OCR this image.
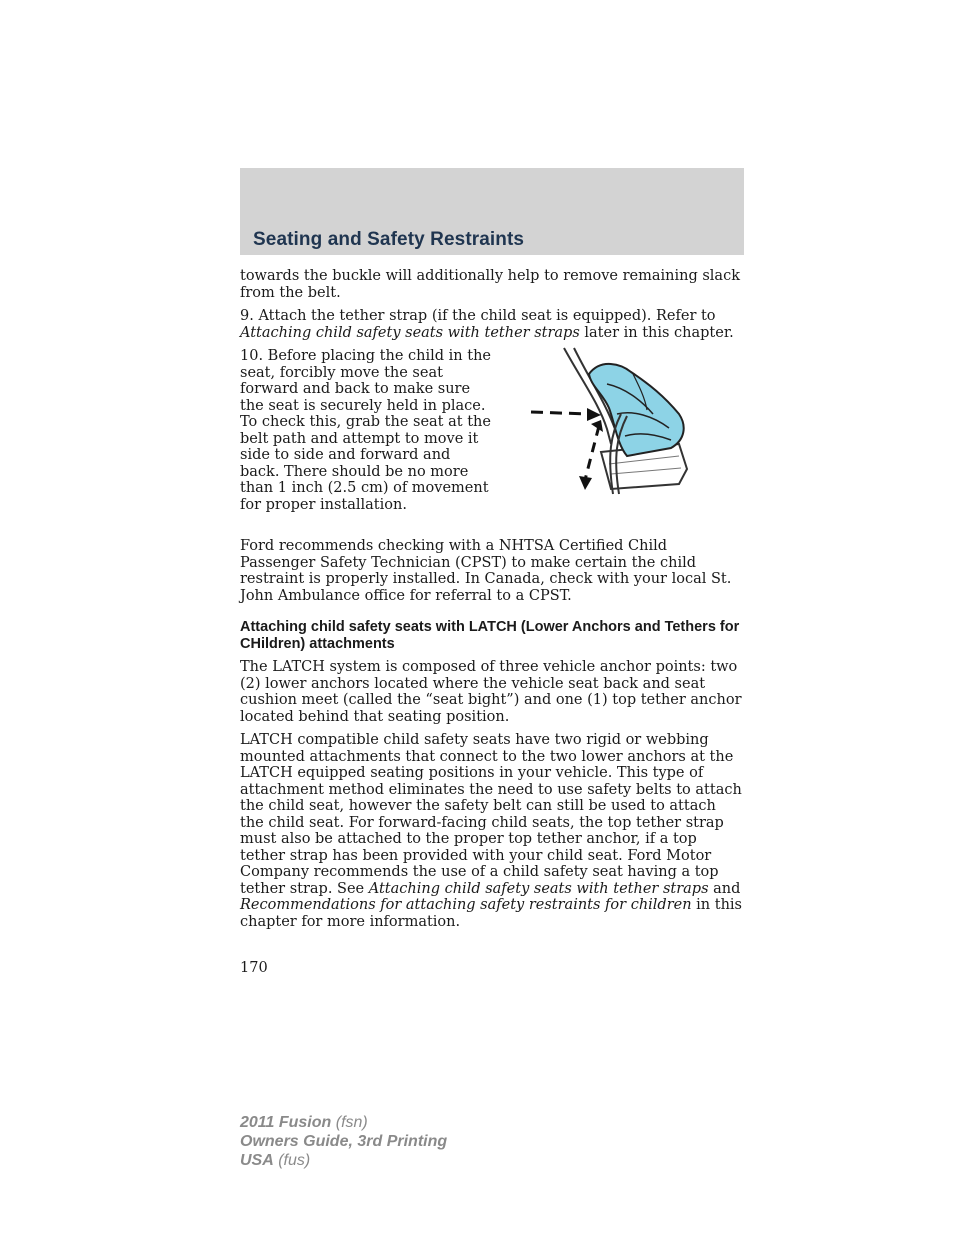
Seating and Safety Restraints

towards the buckle will additionally help to remove remaining slack from the belt.

9. Attach the tether strap (if the child seat is equipped). Refer to Attaching child safety seats with tether straps later in this chapter.

10. Before placing the child in the seat, forcibly move the seat forward and back to make sure the seat is securely held in place. To check this, grab the seat at the belt path and attempt to move it side to side and forward and back. There should be no more than 1 inch (2.5 cm) of movement for proper installation.

Ford recommends checking with a NHTSA Certified Child Passenger Safety Technician (CPST) to make certain the child restraint is properly installed. In Canada, check with your local St. John Ambulance office for referral to a CPST.

Attaching child safety seats with LATCH (Lower Anchors and Tethers for CHildren) attachments

The LATCH system is composed of three vehicle anchor points: two (2) lower anchors located where the vehicle seat back and seat cushion meet (called the “seat bight”) and one (1) top tether anchor located behind that seating position.

LATCH compatible child safety seats have two rigid or webbing mounted attachments that connect to the two lower anchors at the LATCH equipped seating positions in your vehicle. This type of attachment method eliminates the need to use safety belts to attach the child seat, however the safety belt can still be used to attach the child seat. For forward-facing child seats, the top tether strap must also be attached to the proper top tether anchor, if a top tether strap has been provided with your child seat. Ford Motor Company recommends the use of a child safety seat having a top tether strap. See Attaching child safety seats with tether straps and Recommendations for attaching safety restraints for children in this chapter for more information.

170
2011 Fusion (fsn)
Owners Guide, 3rd Printing
USA (fus)
